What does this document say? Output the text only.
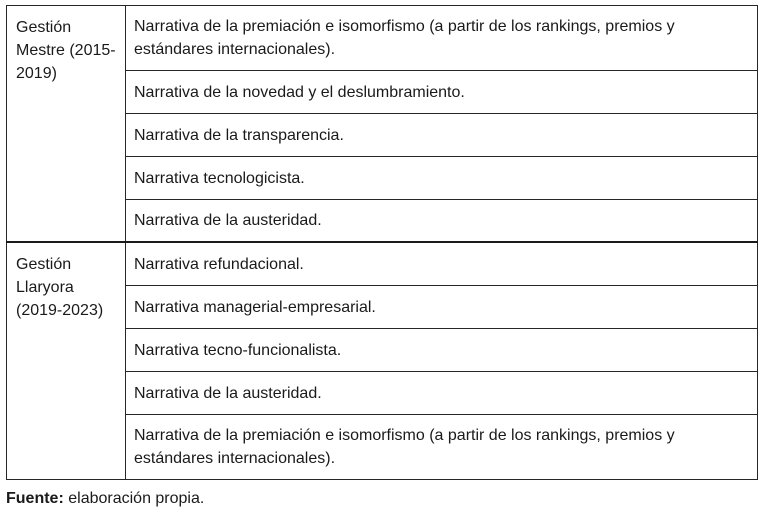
Gestión Mestre (2015-2019)	Narrativa de la premiación e isomorfismo (a partir de los rankings, premios y estándares internacionales).
	Narrativa de la novedad y el deslumbramiento.
	Narrativa de la transparencia.
	Narrativa tecnologicista.
	Narrativa de la austeridad.
Gestión Llaryora (2019-2023)	Narrativa refundacional.
	Narrativa managerial-empresarial.
	Narrativa tecno-funcionalista.
	Narrativa de la austeridad.
	Narrativa de la premiación e isomorfismo (a partir de los rankings, premios y estándares internacionales).
Fuente: elaboración propia.
